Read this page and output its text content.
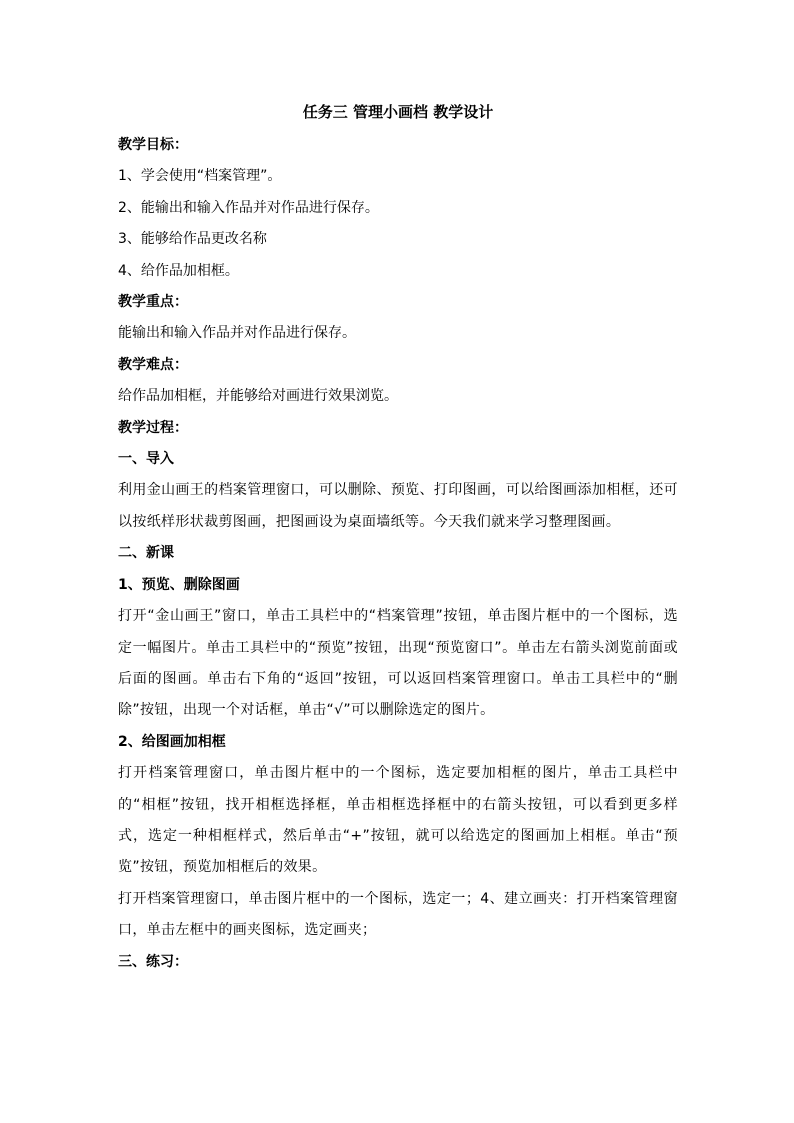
任务三 管理小画档 教学设计

教学目标：

1、学会使用“档案管理”。

2、能输出和输入作品并对作品进行保存。

3、能够给作品更改名称

4、给作品加相框。

教学重点：

能输出和输入作品并对作品进行保存。

教学难点：

给作品加相框，并能够给对画进行效果浏览。

教学过程：

一、导入

利用金山画王的档案管理窗口，可以删除、预览、打印图画，可以给图画添加相框，还可以按纸样形状裁剪图画，把图画设为桌面墙纸等。今天我们就来学习整理图画。

二、新课

1、预览、删除图画

打开“金山画王”窗口，单击工具栏中的“档案管理”按钮，单击图片框中的一个图标，选定一幅图片。单击工具栏中的“预览”按钮，出现“预览窗口”。单击左右箭头浏览前面或后面的图画。单击右下角的“返回”按钮，可以返回档案管理窗口。单击工具栏中的“删除”按钮，出现一个对话框，单击“√”可以删除选定的图片。

2、给图画加相框

打开档案管理窗口，单击图片框中的一个图标，选定要加相框的图片，单击工具栏中的“相框”按钮，找开相框选择框，单击相框选择框中的右箭头按钮，可以看到更多样式，选定一种相框样式，然后单击“+”按钮，就可以给选定的图画加上相框。单击“预览”按钮，预览加相框后的效果。

打开档案管理窗口，单击图片框中的一个图标，选定一；4、建立画夹：打开档案管理窗口，单击左框中的画夹图标，选定画夹；

三、练习：
